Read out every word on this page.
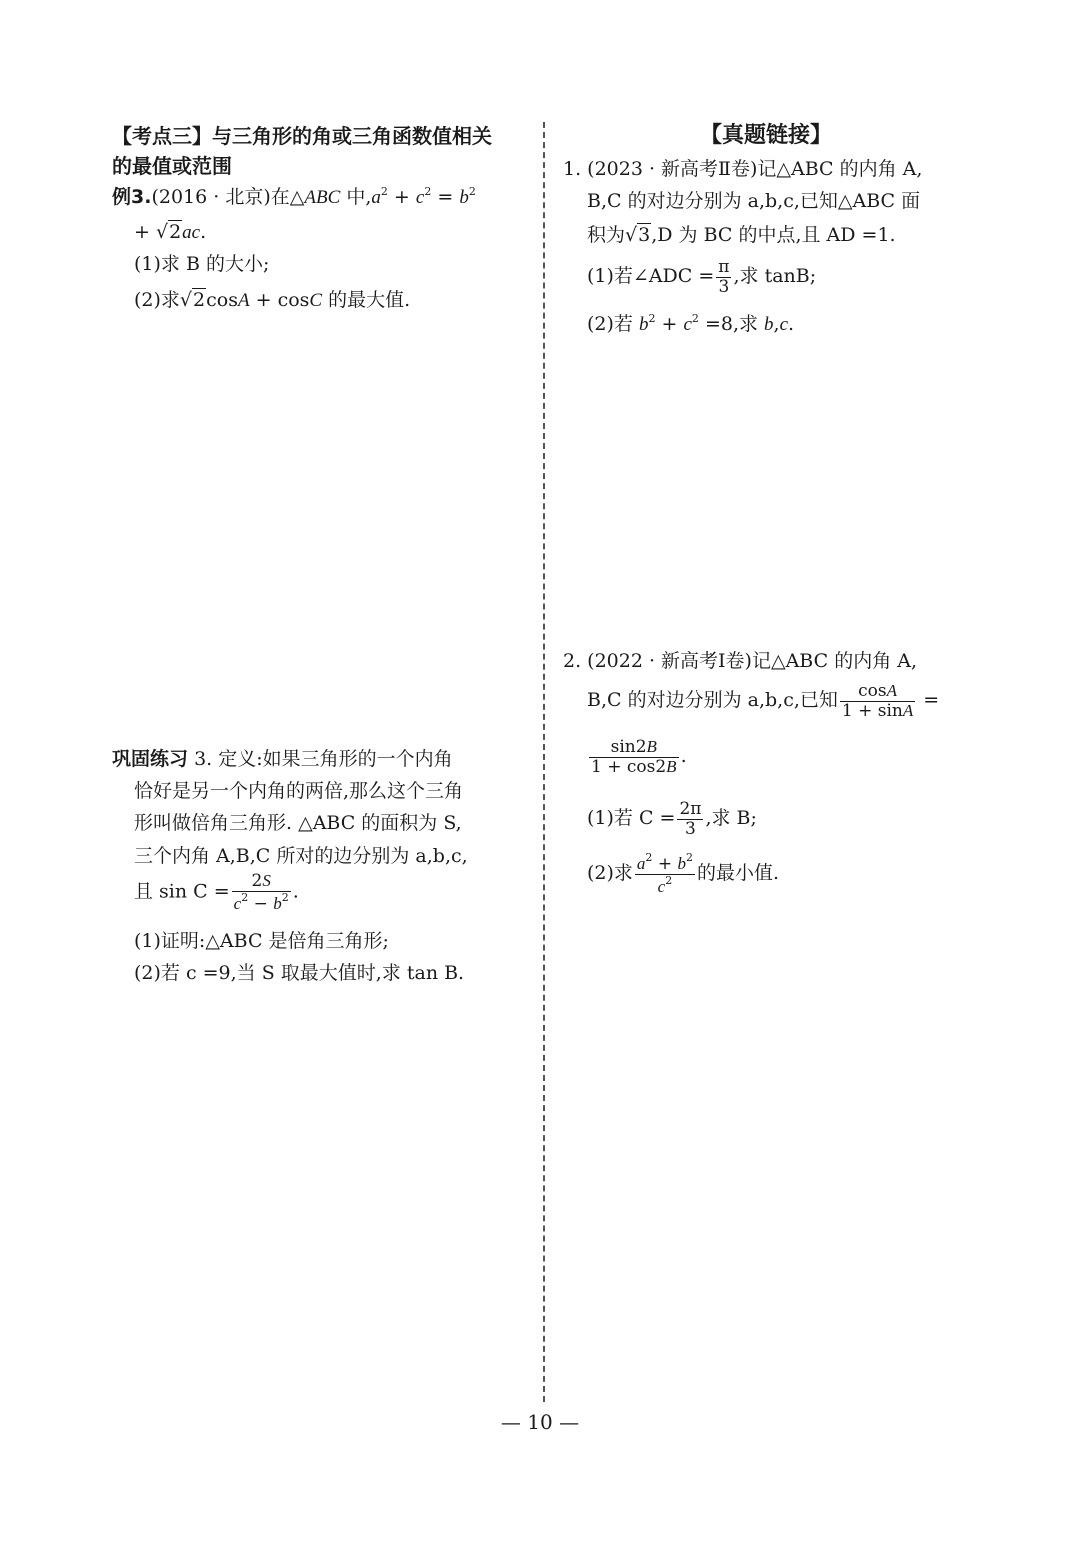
【考点三】与三角形的角或三角函数值相关
的最值或范围
例3.(2016 · 北京)在△ABC 中$,a^2 + c^2 = b^2$
+ √2ac.
(1)求 B 的大小;
(2)求√2cosA + cosC 的最大值.
巩固练习 3. 定义:如果三角形的一个内角
恰好是另一个内角的两倍,那么这个三角
形叫做倍角三角形. △ABC 的面积为 S,
三个内角 A,B,C 所对的边分别为 a,b,c,
且 $\sin C = \frac{2S}{c^2 - b^2}$ .
(1)证明:△ABC 是倍角三角形;
(2)若 c =9,当 S 取最大值时,求 tan B.
【真题链接】
1. (2023 · 新高考Ⅱ卷)记△ABC 的内角 A,
B,C 的对边分别为 a,b,c,已知△ABC 面
积为√3,D 为 BC 的中点,且 AD =1.
(1)若∠ADC = $\frac{\pi}{3}$ ,求 tanB;
(2)若 $b^2 + c^2 =8$,求 b,c.
2. (2022 · 新高考Ⅰ卷)记△ABC 的内角 A,
B,C 的对边分别为 a,b,c,已知 $\frac{\cos A}{1 + \sin A}$ =
$\frac{\sin 2B}{1 + \cos 2B}$ .
(1)若 $C = \frac{2\pi}{3}$ ,求 B;
(2)求 $\frac{a^2 + b^2}{c^2}$ 的最小值.
— 10 —
